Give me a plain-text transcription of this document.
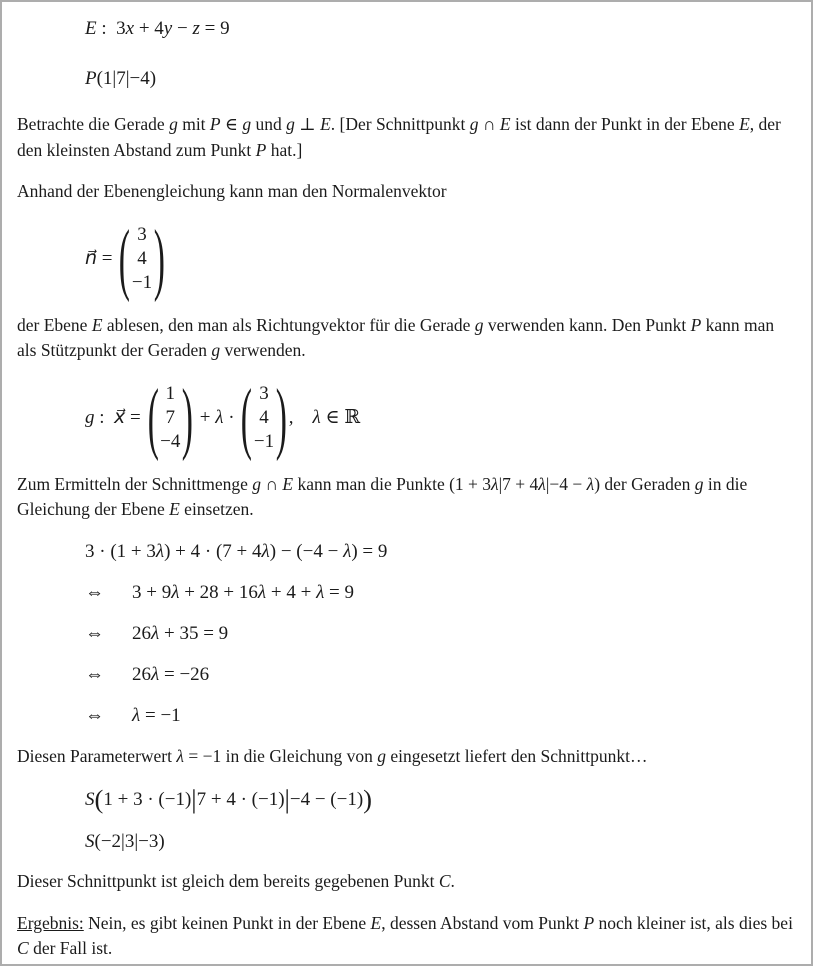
E :  3x + 4y − z = 9
P(1|7|−4)

Betrachte die Gerade g mit P ∈ g und g ⊥ E. [Der Schnittpunkt g ∩ E ist dann der Punkt in der Ebene E, der den kleinsten Abstand zum Punkt P hat.]

Anhand der Ebenengleichung kann man den Normalenvektor

n⃗ = ( 3
4
−1 )

der Ebene E ablesen, den man als Richtungvektor für die Gerade g verwenden kann. Den Punkt P kann man als Stützpunkt der Geraden g verwenden.

g :  x⃗ = ( 1
7
−4 ) + λ · ( 3
4
−1 ) ,    λ ∈ ℝ

Zum Ermitteln der Schnittmenge g ∩ E kann man die Punkte (1 + 3λ|7 + 4λ|−4 − λ) der Geraden g in die Gleichung der Ebene E einsetzen.

3 · (1 + 3λ) + 4 · (7 + 4λ) − (−4 − λ) = 9
⇔	3 + 9λ + 28 + 16λ + 4 + λ = 9
⇔	26λ + 35 = 9
⇔	26λ = −26
⇔	λ = −1

Diesen Parameterwert λ = −1 in die Gleichung von g eingesetzt liefert den Schnittpunkt…

S(1 + 3 · (−1)|7 + 4 · (−1)|−4 − (−1))
S(−2|3|−3)

Dieser Schnittpunkt ist gleich dem bereits gegebenen Punkt C.

Ergebnis: Nein, es gibt keinen Punkt in der Ebene E, dessen Abstand vom Punkt P noch kleiner ist, als dies bei C der Fall ist.
